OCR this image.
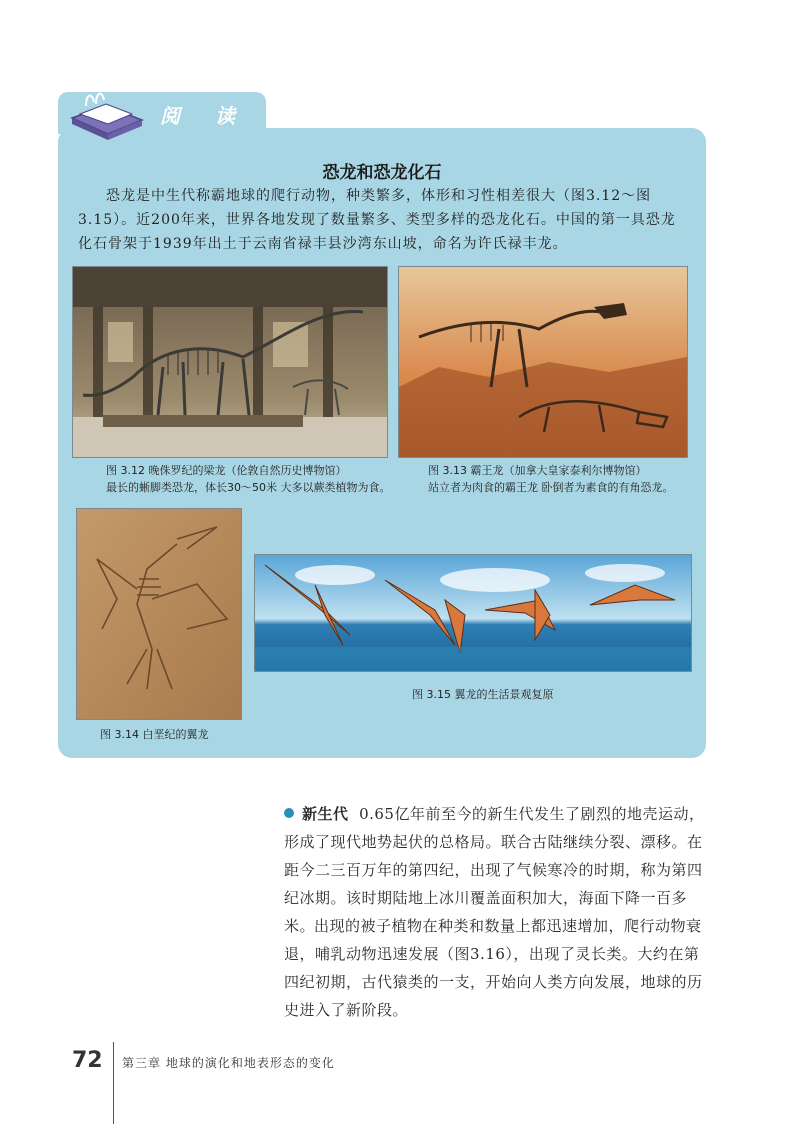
阅 读
恐龙和恐龙化石
恐龙是中生代称霸地球的爬行动物，种类繁多，体形和习性相差很大（图3.12～图3.15）。近200年来，世界各地发现了数量繁多、类型多样的恐龙化石。中国的第一具恐龙化石骨架于1939年出土于云南省禄丰县沙湾东山坡，命名为许氏禄丰龙。
图 3.12 晚侏罗纪的梁龙（伦敦自然历史博物馆）
最长的蜥脚类恐龙，体长30～50米 大多以蕨类植物为食。
图 3.13 霸王龙（加拿大皇家泰利尔博物馆）
站立者为肉食的霸王龙 卧倒者为素食的有角恐龙。
图 3.14 白垩纪的翼龙
图 3.15 翼龙的生活景观复原
新生代 0.65亿年前至今的新生代发生了剧烈的地壳运动，形成了现代地势起伏的总格局。联合古陆继续分裂、漂移。在距今二三百万年的第四纪，出现了气候寒冷的时期，称为第四纪冰期。该时期陆地上冰川覆盖面积加大，海面下降一百多米。
出现的被子植物在种类和数量上都迅速增加，爬行动物衰退，哺乳动物迅速发展（图3.16），出现了灵长类。大约在第四纪初期，古代猿类的一支，开始向人类方向发展，地球的历史进入了新阶段。
72 第三章 地球的演化和地表形态的变化
